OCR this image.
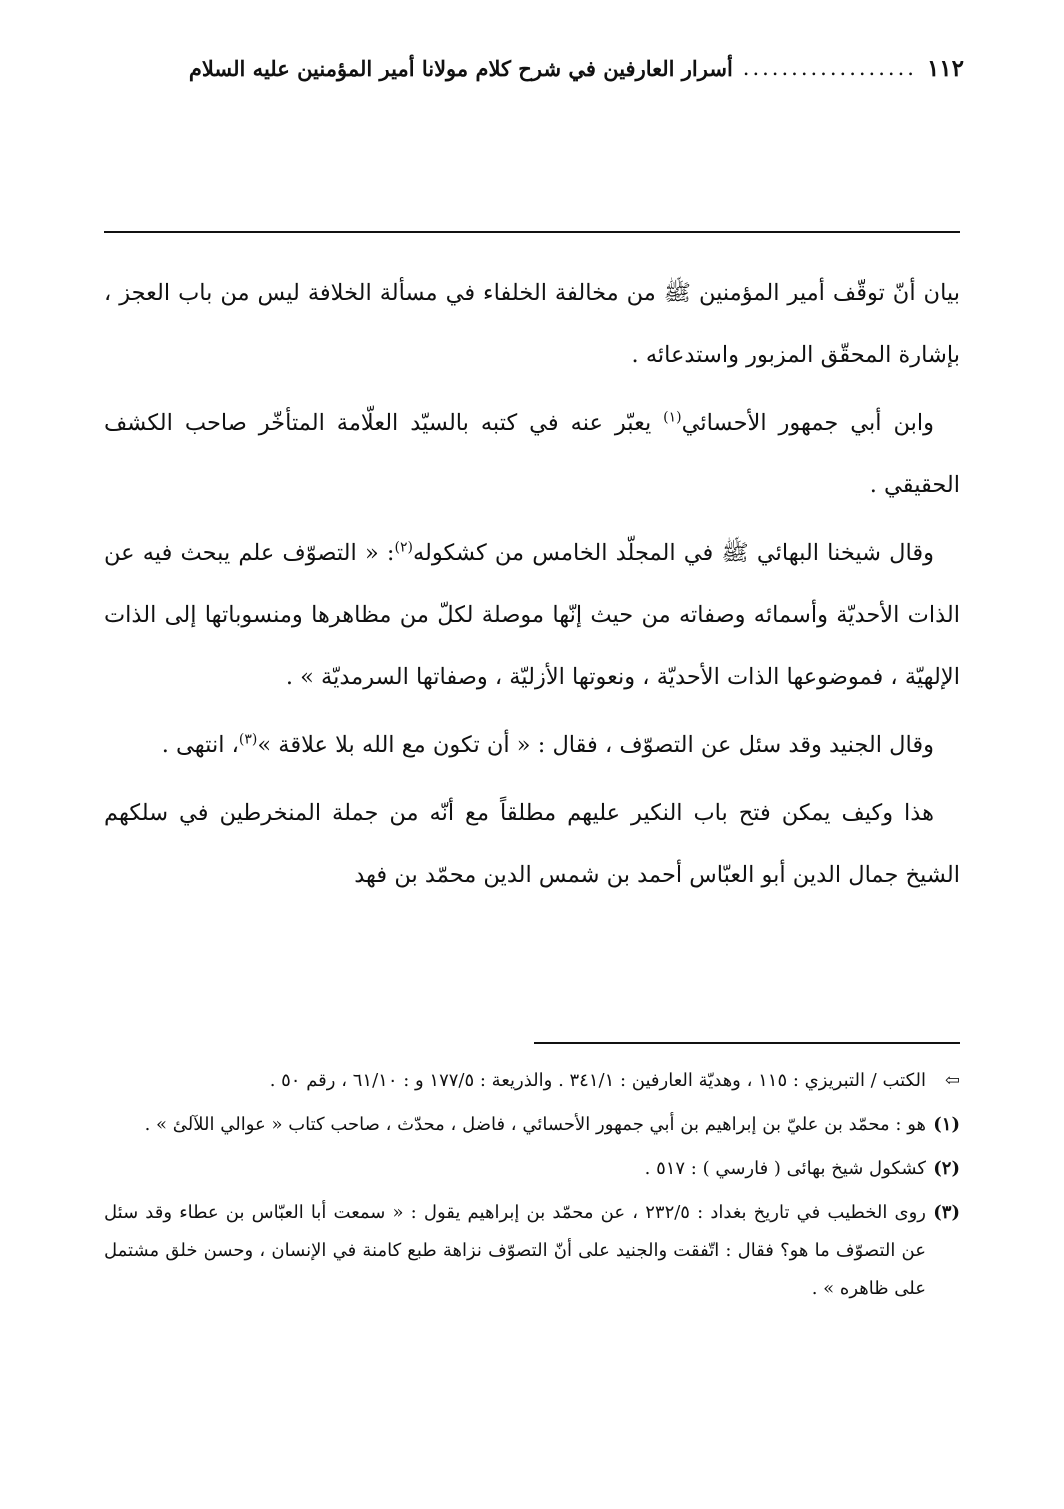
١١٢
..................
أسرار العارفين في شرح كلام مولانا أمير المؤمنين عليه السلام

بيان أنّ توقّف أمير المؤمنين ﷺ من مخالفة الخلفاء في مسألة الخلافة ليس من باب العجز ، بإشارة المحقّق المزبور واستدعائه .

وابن أبي جمهور الأحسائي$^{(١)}$ يعبّر عنه في كتبه بالسيّد العلّامة المتأخّر صاحب الكشف الحقيقي .

وقال شيخنا البهائي ﷺ في المجلّد الخامس من كشكوله$^{(٢)}$: « التصوّف علم يبحث فيه عن الذات الأحديّة وأسمائه وصفاته من حيث إنّها موصلة لكلّ من مظاهرها ومنسوباتها إلى الذات الإلهيّة ، فموضوعها الذات الأحديّة ، ونعوتها الأزليّة ، وصفاتها السرمديّة » .

وقال الجنيد وقد سئل عن التصوّف ، فقال : « أن تكون مع الله بلا علاقة »$^{(٣)}$، انتهى .

هذا وكيف يمكن فتح باب النكير عليهم مطلقاً مع أنّه من جملة المنخرطين في سلكهم الشيخ جمال الدين أبو العبّاس أحمد بن شمس الدين محمّد بن فهد

⇦
الكتب / التبريزي : ١١٥ ، وهديّة العارفين : ٣٤١/١ . والذريعة : ١٧٧/٥ و : ٦١/١٠ ، رقم ٥٠ .
(١)
هو : محمّد بن عليّ بن إبراهيم بن أبي جمهور الأحسائي ، فاضل ، محدّث ، صاحب كتاب « عوالي اللآلئ » .
(٢)
كشكول شيخ بهائى ( فارسي ) : ٥١٧ .
(٣)
روى الخطيب في تاريخ بغداد : ٢٣٢/٥ ، عن محمّد بن إبراهيم يقول : « سمعت أبا العبّاس بن عطاء وقد سئل عن التصوّف ما هو؟ فقال : اتّفقت والجنيد على أنّ التصوّف نزاهة طبع كامنة في الإنسان ، وحسن خلق مشتمل على ظاهره » .
